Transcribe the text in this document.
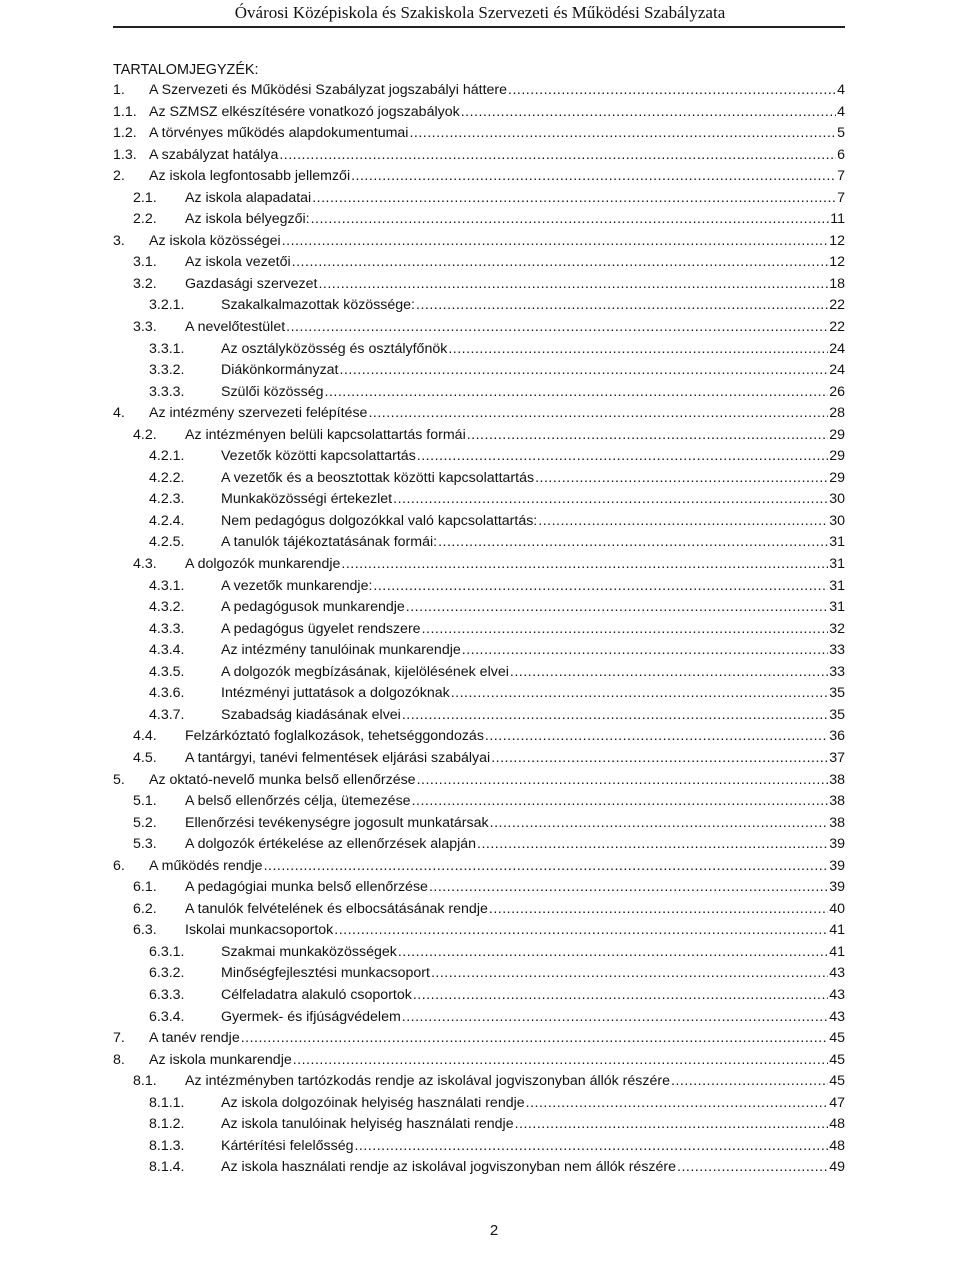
Óvárosi Középiskola és Szakiskola Szervezeti és Működési Szabályzata
TARTALOMJEGYZÉK:
1.	A Szervezeti és Működési Szabályzat jogszabályi háttere .....	4
1.1. Az SZMSZ elkészítésére vonatkozó jogszabályok .....	4
1.2. A törvényes működés alapdokumentumai .....	5
1.3. A szabályzat hatálya .....	6
2.	Az iskola legfontosabb jellemzői .....	7
2.1.	Az iskola alapadatai .....	7
2.2.	Az iskola bélyegzői: .....	11
3.	Az iskola közösségei .....	12
3.1.	Az iskola vezetői .....	12
3.2.	Gazdasági szervezet .....	18
3.2.1.	Szakalkalmazottak közössége: .....	22
3.3.	A nevelőtestület .....	22
3.3.1.	Az osztályközösség és osztályfőnök .....	24
3.3.2.	Diákönkormányzat .....	24
3.3.3.	Szülői közösség .....	26
4.	Az intézmény szervezeti felépítése .....	28
4.2.	Az intézményen belüli kapcsolattartás formái .....	29
4.2.1.	Vezetők közötti kapcsolattartás .....	29
4.2.2.	A vezetők és a beosztottak közötti kapcsolattartás .....	29
4.2.3.	Munkaközösségi értekezlet .....	30
4.2.4.	Nem pedagógus dolgozókkal való kapcsolattartás: .....	30
4.2.5.	A tanulók tájékoztatásának formái: .....	31
4.3.	A dolgozók munkarendje .....	31
4.3.1.	A vezetők munkarendje: .....	31
4.3.2.	A pedagógusok munkarendje .....	31
4.3.3.	A pedagógus ügyelet rendszere .....	32
4.3.4.	Az intézmény tanulóinak munkarendje .....	33
4.3.5.	A dolgozók megbízásának, kijelölésének elvei .....	33
4.3.6.	Intézményi juttatások a dolgozóknak .....	35
4.3.7.	Szabadság kiadásának elvei .....	35
4.4.	Felzárkóztató foglalkozások, tehetséggondozás .....	36
4.5.	A tantárgyi, tanévi felmentések eljárási szabályai .....	37
5.	Az oktató-nevelő munka belső ellenőrzése .....	38
5.1.	A belső ellenőrzés célja, ütemezése .....	38
5.2.	Ellenőrzési tevékenységre jogosult munkatársak .....	38
5.3.	A dolgozók értékelése az ellenőrzések alapján .....	39
6.	A működés rendje .....	39
6.1.	A pedagógiai munka belső ellenőrzése .....	39
6.2.	A tanulók felvételének és elbocsátásának rendje .....	40
6.3.	Iskolai munkacsoportok .....	41
6.3.1.	Szakmai munkaközösségek .....	41
6.3.2.	Minőségfejlesztési munkacsoport .....	43
6.3.3.	Célfeladatra alakuló csoportok .....	43
6.3.4.	Gyermek- és ifjúságvédelem .....	43
7.	A tanév rendje .....	45
8.	Az iskola munkarendje .....	45
8.1.	Az intézményben tartózkodás rendje az iskolával jogviszonyban állók részére .....	45
8.1.1.	Az iskola dolgozóinak helyiség használati rendje .....	47
8.1.2.	Az iskola tanulóinak helyiség használati rendje .....	48
8.1.3.	Kártérítési felelősség .....	48
8.1.4.	Az iskola használati rendje az iskolával jogviszonyban nem állók részére .....	49
2
